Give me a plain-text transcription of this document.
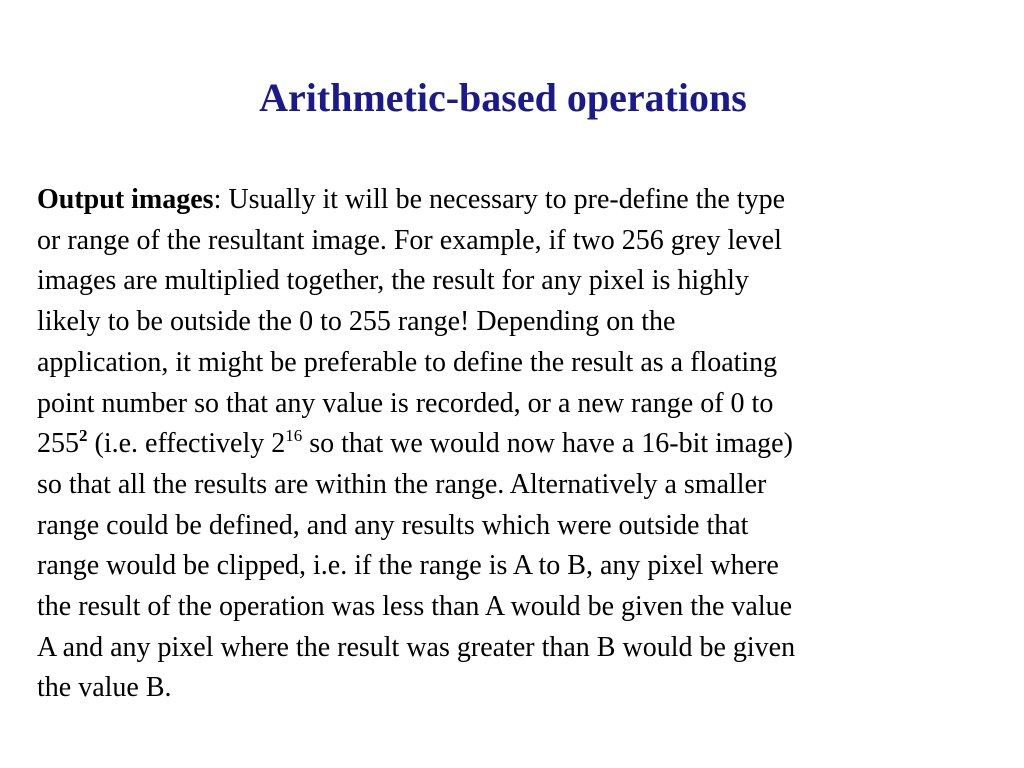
Arithmetic-based operations

Output images: Usually it will be necessary to pre-define the type
or range of the resultant image. For example, if two 256 grey level
images are multiplied together, the result for any pixel is highly
likely to be outside the 0 to 255 range! Depending on the
application, it might be preferable to define the result as a floating
point number so that any value is recorded, or a new range of 0 to
$255^2$ (i.e. effectively $2^{16}$ so that we would now have a 16-bit image)
so that all the results are within the range. Alternatively a smaller
range could be defined, and any results which were outside that
range would be clipped, i.e. if the range is A to B, any pixel where
the result of the operation was less than A would be given the value
A and any pixel where the result was greater than B would be given
the value B.
